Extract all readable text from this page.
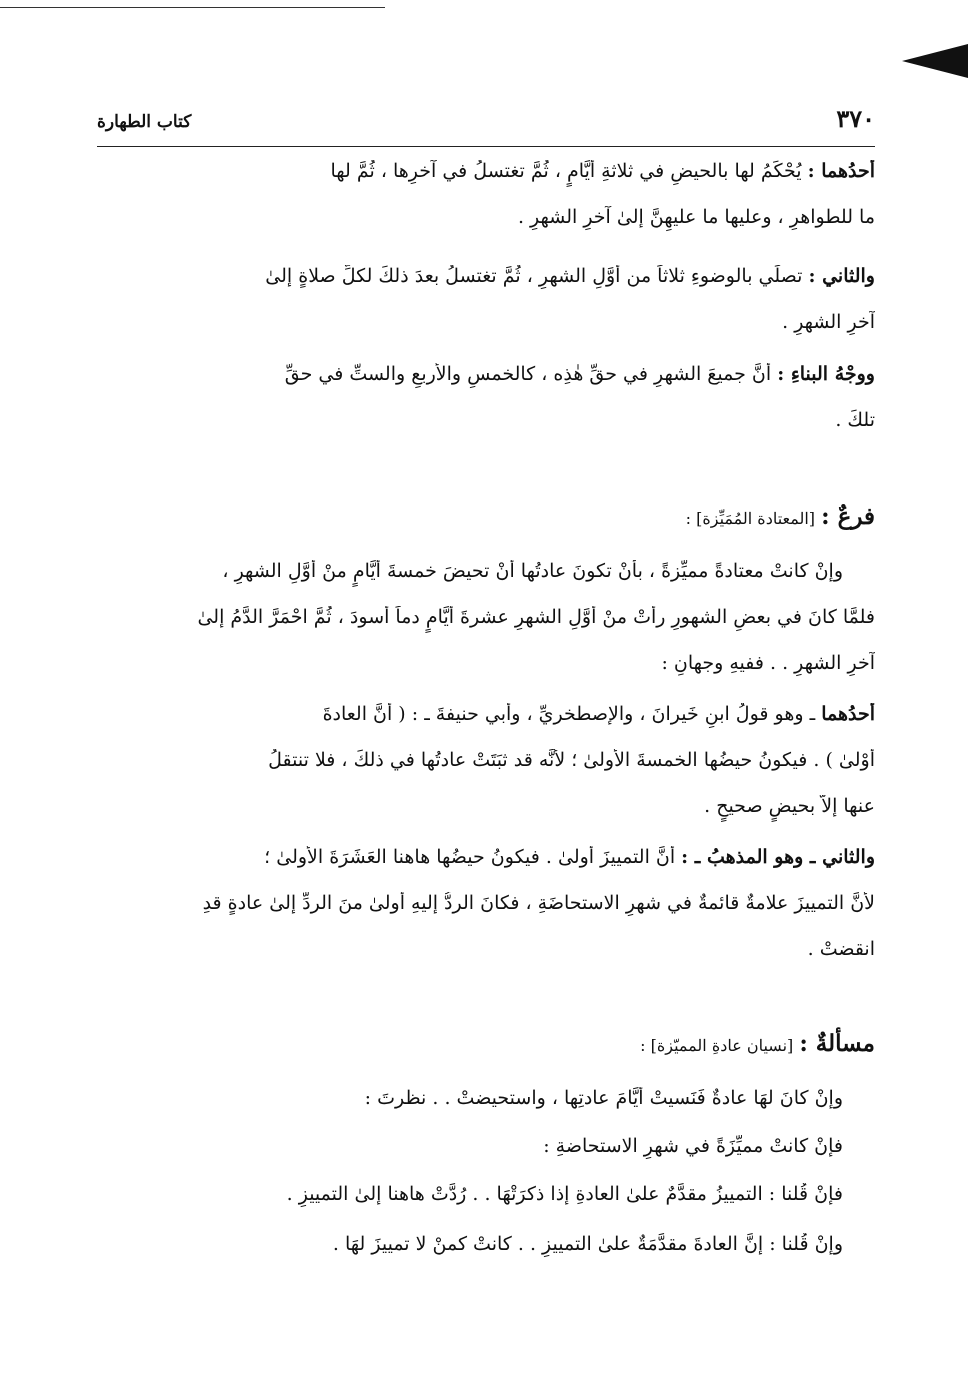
٣٧٠
كتاب الطهارة
أحدُهما : يُحْكَمُ لها بالحيضِ في ثلاثةِ أيَّامٍ ، ثُمَّ تغتسلُ في آخرِها ، ثُمَّ لها
ما للطواهرِ ، وعليها ما عليهِنَّ إلىٰ آخرِ الشهرِ .
والثاني : تصلِّي بالوضوءِ ثلاثاً من أوَّلِ الشهرِ ، ثُمَّ تغتسلُ بعدَ ذلكَ لكلِّ صلاةٍ إلىٰ
آخرِ الشهرِ .
ووجْهُ البناءِ : أنَّ جميعَ الشهرِ في حقِّ هٰذِه ، كالخمسِ والأربعِ والستِّ في حقِّ
تلكَ .
فرعٌ : [المعتادة المُمَيِّزة] :
وإنْ كانتْ معتادةً مميِّزةً ، بأنْ تكونَ عادتُها أنْ تحيضَ خمسةَ أيَّامٍ منْ أوَّلِ الشهرِ ،
فلمَّا كانَ في بعضِ الشهورِ رأتْ منْ أوَّلِ الشهرِ عشرةَ أيَّامٍ دماً أسودَ ، ثُمَّ احْمَرَّ الدَّمُ إلىٰ
آخرِ الشهرِ . . ففيهِ وجهانِ :
أحدُهما ـ وهو قولُ ابنِ خَيرانَ ، والإصطخريِّ ، وأبي حنيفةَ ـ : ( أنَّ العادةَ
أَوْلىٰ ) . فيكونُ حيضُها الخمسةَ الأُولىٰ ؛ لأنَّه قد ثبَتَتْ عادتُها في ذلكَ ، فلا تنتقلُ
عنها إلاَّ بحيضٍ صحيحٍ .
والثاني ـ وهو المذهبُ ـ : أنَّ التمييزَ أولىٰ . فيكونُ حيضُها هاهنا العَشَرَةَ الأُولىٰ ؛
لأنَّ التمييزَ علامةٌ قائمةٌ في شهرِ الاستحاضَةِ ، فكانَ الردُّ إليهِ أَولىٰ منَ الردِّ إلىٰ عادةٍ قدِ
انقضتْ .
مسألةٌ : [نسيان عادةِ المميّزة] :
وإنْ كانَ لهَا عادةٌ فَنَسيتْ أيَّامَ عادتِها ، واستحيضتْ . . نظرتَ :
فإنْ كانتْ مميِّزَةً في شهرِ الاستحاضةِ :
فإنْ قُلنا : التمييزُ مقدَّمٌ علىٰ العادةِ إذا ذكرَتْهَا . . رُدَّتْ هاهنا إلىٰ التمييزِ .
وإنْ قُلنا : إنَّ العادةَ مقدَّمَةٌ علىٰ التمييزِ . . كانتْ كمنْ لا تمييزَ لهَا .
